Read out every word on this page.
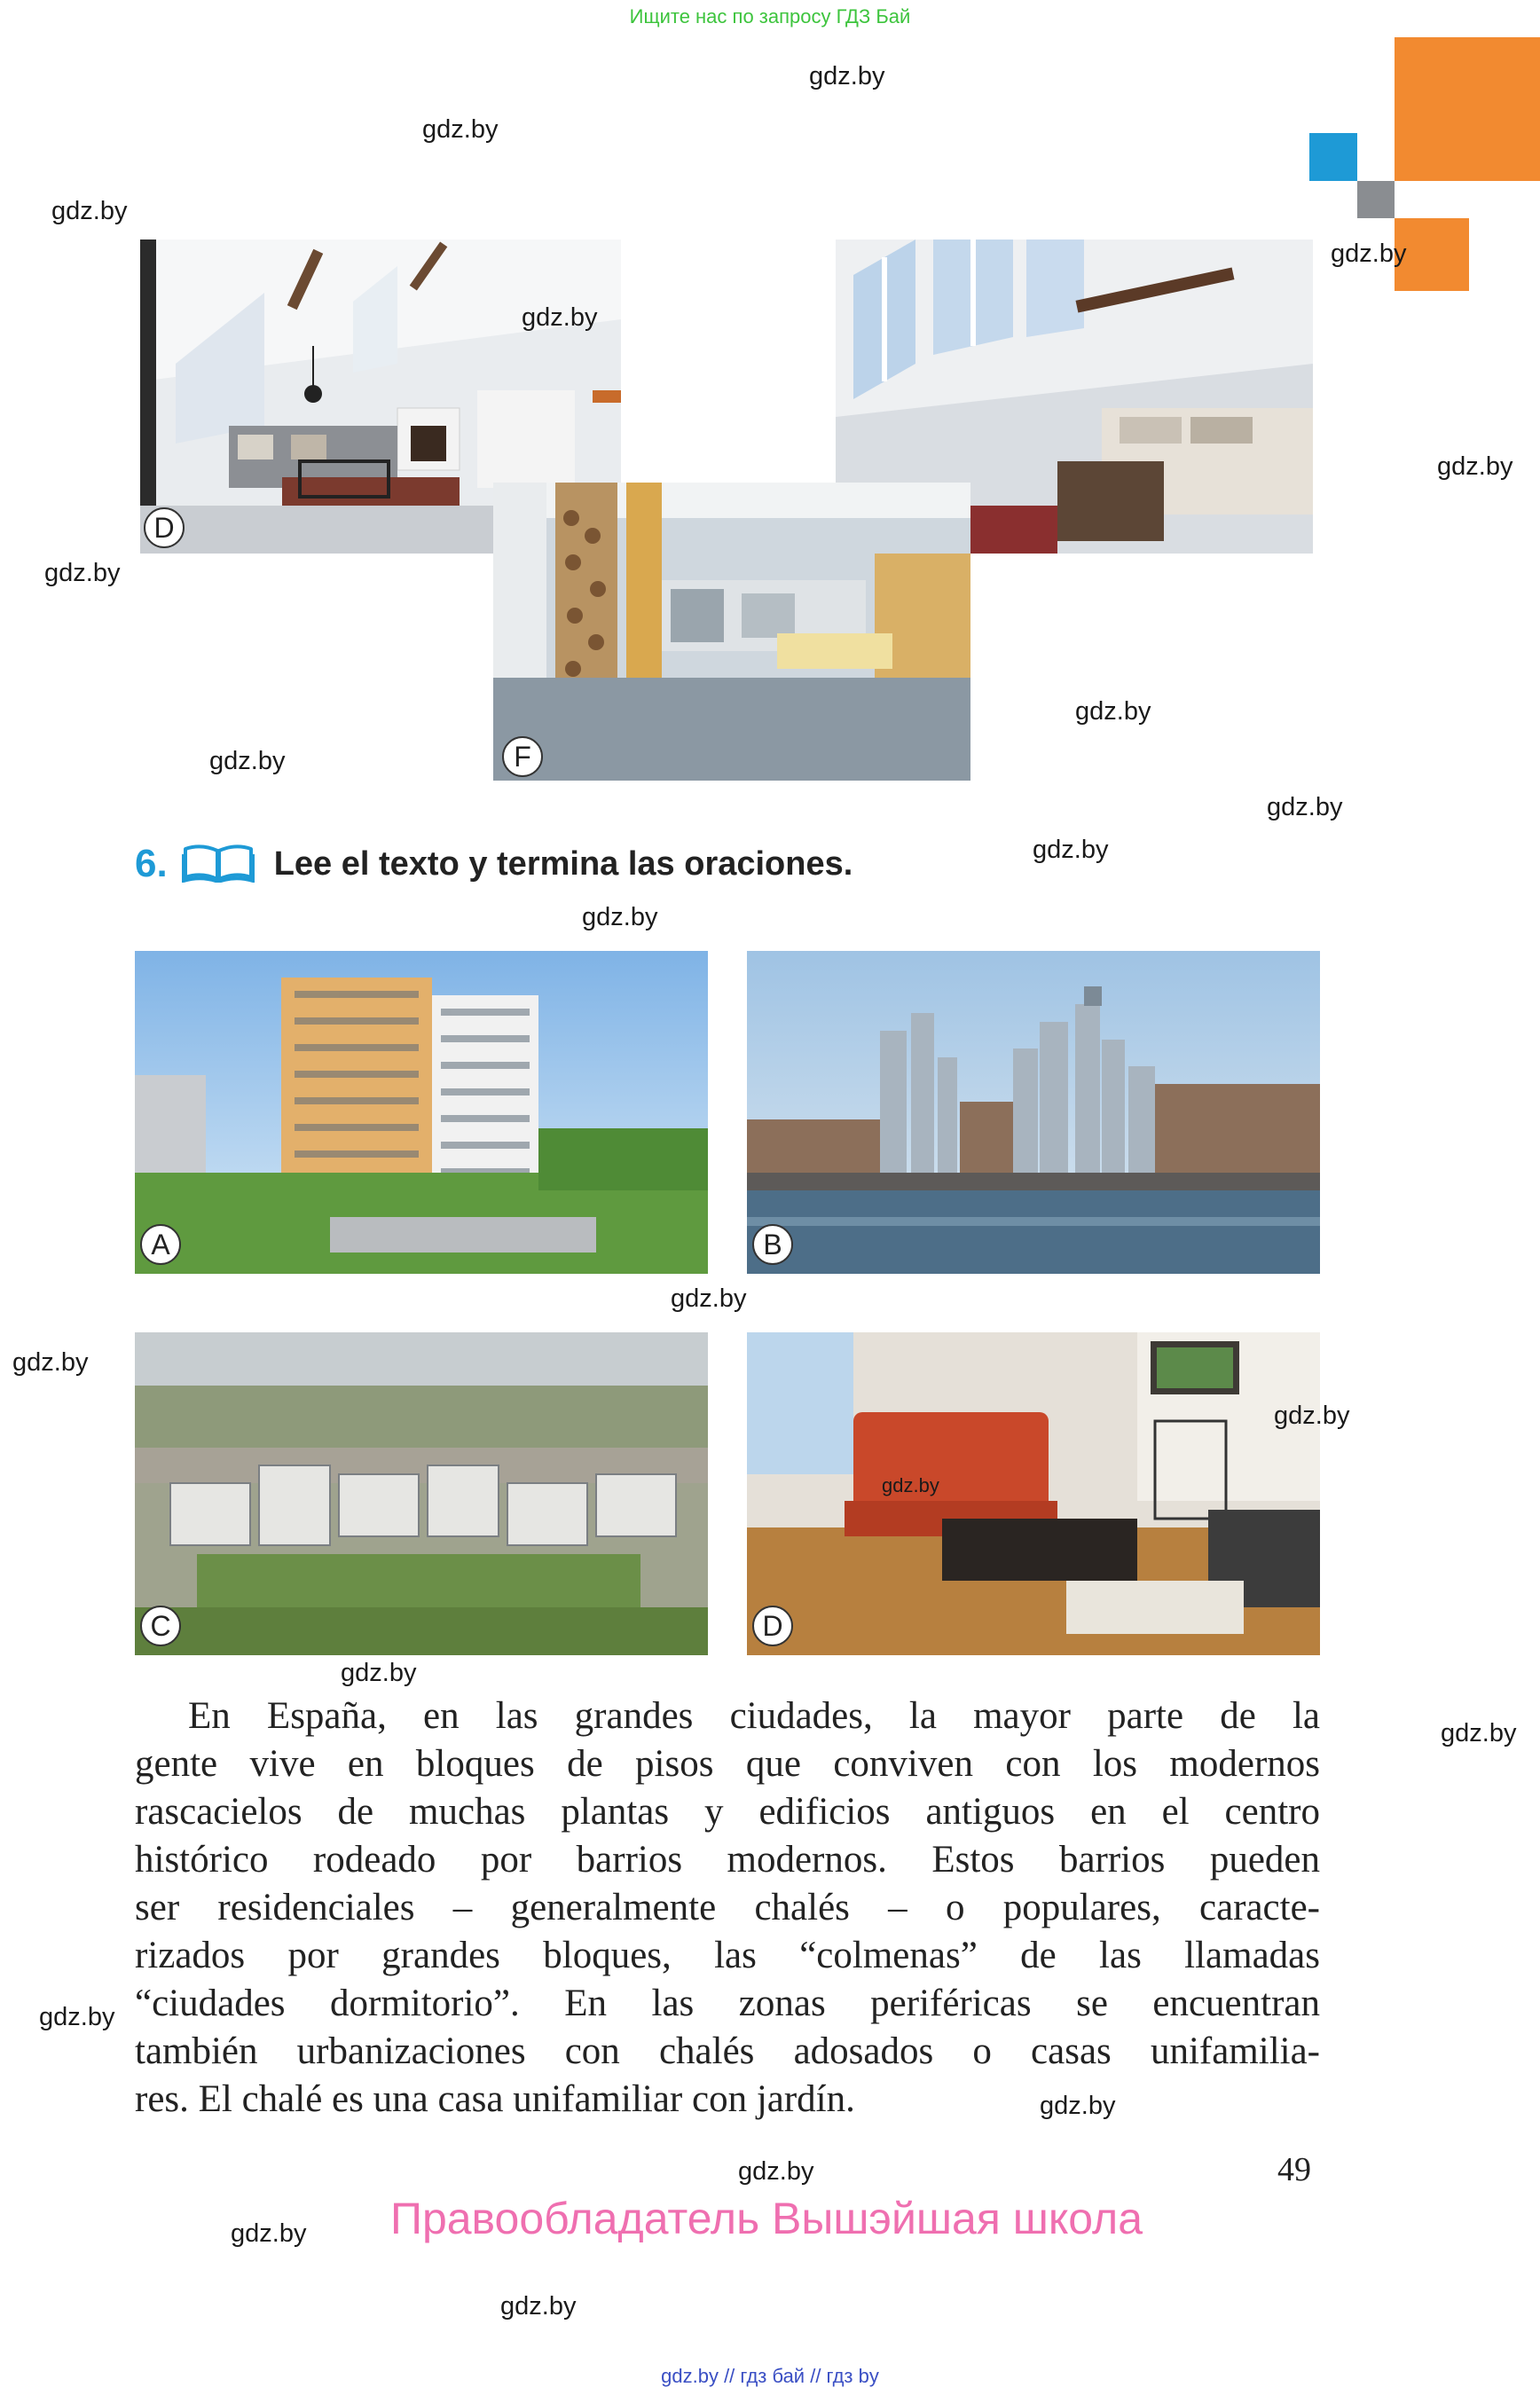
Ищите нас по запросу ГДЗ Бай
gdz.by // гдз бай // гдз by
D
F
6.	Lee el texto y termina las oraciones.
A	B
C	D
En España, en las grandes ciudades, la mayor parte de la
gente vive en bloques de pisos que conviven con los modernos
rascacielos de muchas plantas y edificios antiguos en el centro
histórico rodeado por barrios modernos. Estos barrios pueden
ser residenciales – generalmente chalés – o populares, caracte-
rizados por grandes bloques, las “colmenas” de las llamadas
“ciudades dormitorio”. En las zonas periféricas se encuentran
también urbanizaciones con chalés adosados o casas unifamilia-
res. El chalé es una casa unifamiliar con jardín.
49
Правообладатель Вышэйшая школа
gdz.by
gdz.by
gdz.by
gdz.by
gdz.by
gdz.by
gdz.by
gdz.by
gdz.by
gdz.by
gdz.by
gdz.by
gdz.by
gdz.by
gdz.by
gdz.by
gdz.by
gdz.by
gdz.by
gdz.by
gdz.by
gdz.by
gdz.by
